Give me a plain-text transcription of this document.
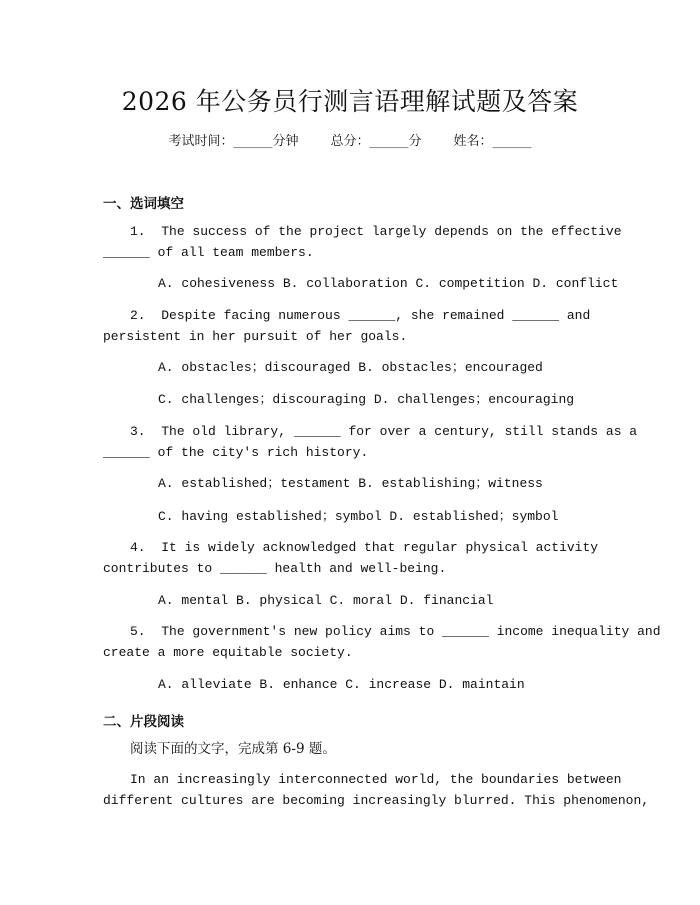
2026 年公务员行测言语理解试题及答案
考试时间：______分钟 总分：______分 姓名：______
一、选词填空
1. The success of the project largely depends on the effective
______ of all team members.
A. cohesiveness B. collaboration C. competition D. conflict
2. Despite facing numerous ______, she remained ______ and
persistent in her pursuit of her goals.
A. obstacles；discouraged B. obstacles；encouraged
C. challenges；discouraging D. challenges；encouraging
3. The old library, ______ for over a century, still stands as a
______ of the city's rich history.
A. established；testament B. establishing；witness
C. having established；symbol D. established；symbol
4. It is widely acknowledged that regular physical activity
contributes to ______ health and well-being.
A. mental B. physical C. moral D. financial
5. The government's new policy aims to ______ income inequality and
create a more equitable society.
A. alleviate B. enhance C. increase D. maintain
二、片段阅读
阅读下面的文字，完成第 6-9 题。
In an increasingly interconnected world, the boundaries between
different cultures are becoming increasingly blurred. This phenomenon,
